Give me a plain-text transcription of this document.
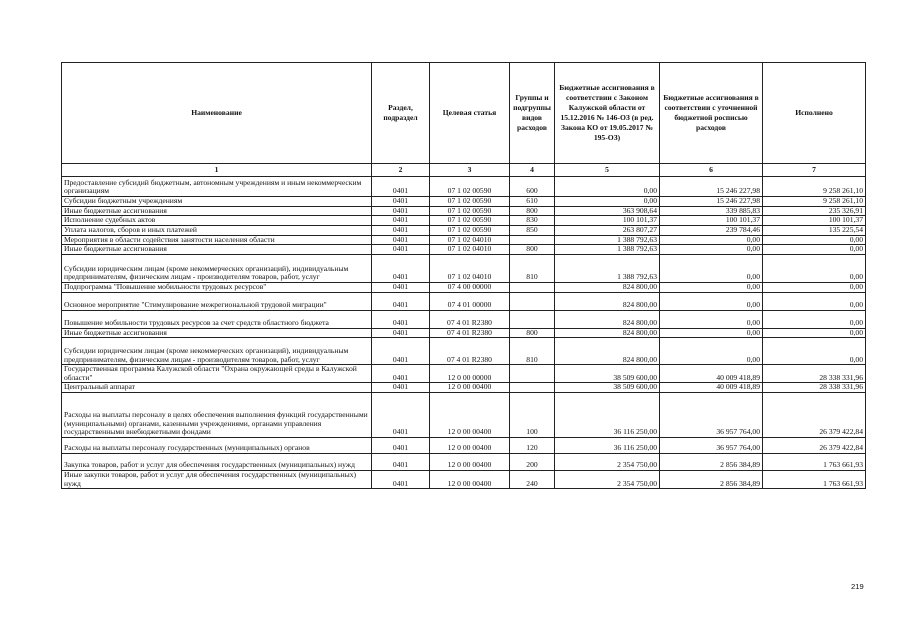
Наименование	Раздел, подраздел	Целевая статья	Группы и подгруппы видов расходов	Бюджетные ассигнования в соответствии с Законом Калужской области от 15.12.2016 № 146-ОЗ (в ред. Закона КО от 19.05.2017 № 195-ОЗ)	Бюджетные ассигнования в соответствии с уточненной бюджетной росписью расходов	Исполнено
1	2	3	4	5	6	7
Предоставление субсидий бюджетным, автономным учреждениям и иным некоммерческим организациям	0401	07 1 02 00590	600	0,00	15 246 227,98	9 258 261,10
Субсидии бюджетным учреждениям	0401	07 1 02 00590	610	0,00	15 246 227,98	9 258 261,10
Иные бюджетные ассигнования	0401	07 1 02 00590	800	363 908,64	339 885,83	235 326,91
Исполнение судебных актов	0401	07 1 02 00590	830	100 101,37	100 101,37	100 101,37
Уплата налогов, сборов и иных платежей	0401	07 1 02 00590	850	263 807,27	239 784,46	135 225,54
Мероприятия в области содействия занятости населения области	0401	07 1 02 04010		1 388 792,63	0,00	0,00
Иные бюджетные ассигнования	0401	07 1 02 04010	800	1 388 792,63	0,00	0,00
Субсидии юридическим лицам (кроме некоммерческих организаций), индивидуальным предпринимателям, физическим лицам - производителям товаров, работ, услуг	0401	07 1 02 04010	810	1 388 792,63	0,00	0,00
Подпрограмма "Повышение мобильности трудовых ресурсов"	0401	07 4 00 00000		824 800,00	0,00	0,00
Основное мероприятие "Стимулирование межрегиональной трудовой миграции"	0401	07 4 01 00000		824 800,00	0,00	0,00
Повышение мобильности трудовых ресурсов за счет средств областного бюджета	0401	07 4 01 R2380		824 800,00	0,00	0,00
Иные бюджетные ассигнования	0401	07 4 01 R2380	800	824 800,00	0,00	0,00
Субсидии юридическим лицам (кроме некоммерческих организаций), индивидуальным предпринимателям, физическим лицам - производителям товаров, работ, услуг	0401	07 4 01 R2380	810	824 800,00	0,00	0,00
Государственная программа Калужской области "Охрана окружающей среды в Калужской области"	0401	12 0 00 00000		38 509 600,00	40 009 418,89	28 338 331,96
Центральный аппарат	0401	12 0 00 00400		38 509 600,00	40 009 418,89	28 338 331,96
Расходы на выплаты персоналу в целях обеспечения выполнения функций государственными (муниципальными) органами, казенными учреждениями, органами управления государственными внебюджетными фондами	0401	12 0 00 00400	100	36 116 250,00	36 957 764,00	26 379 422,84
Расходы на выплаты персоналу государственных (муниципальных) органов	0401	12 0 00 00400	120	36 116 250,00	36 957 764,00	26 379 422,84
Закупка товаров, работ и услуг для обеспечения государственных (муниципальных) нужд	0401	12 0 00 00400	200	2 354 750,00	2 856 384,89	1 763 661,93
Иные закупки товаров, работ и услуг для обеспечения государственных (муниципальных) нужд	0401	12 0 00 00400	240	2 354 750,00	2 856 384,89	1 763 661,93
219
